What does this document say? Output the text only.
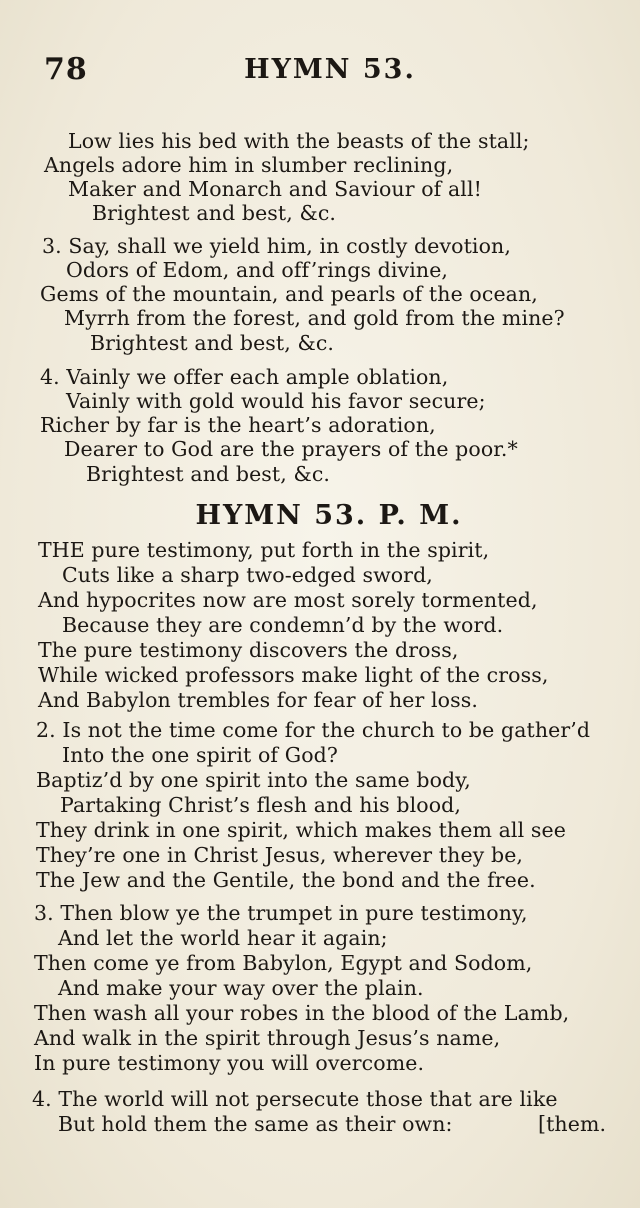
78	HYMN 53.
Low lies his bed with the beasts of the stall;
Angels adore him in slumber reclining,
Maker and Monarch and Saviour of all!
Brightest and best, &c.
3. Say, shall we yield him, in costly devotion,
Odors of Edom, and off’rings divine,
Gems of the mountain, and pearls of the ocean,
Myrrh from the forest, and gold from the mine?
Brightest and best, &c.
4. Vainly we offer each ample oblation,
Vainly with gold would his favor secure;
Richer by far is the heart’s adoration,
Dearer to God are the prayers of the poor.*
Brightest and best, &c.
HYMN 53. P. M.
THE pure testimony, put forth in the spirit,
Cuts like a sharp two-edged sword,
And hypocrites now are most sorely tormented,
Because they are condemn’d by the word.
The pure testimony discovers the dross,
While wicked professors make light of the cross,
And Babylon trembles for fear of her loss.
2. Is not the time come for the church to be gather’d
Into the one spirit of God?
Baptiz’d by one spirit into the same body,
Partaking Christ’s flesh and his blood,
They drink in one spirit, which makes them all see
They’re one in Christ Jesus, wherever they be,
The Jew and the Gentile, the bond and the free.
3. Then blow ye the trumpet in pure testimony,
And let the world hear it again;
Then come ye from Babylon, Egypt and Sodom,
And make your way over the plain.
Then wash all your robes in the blood of the Lamb,
And walk in the spirit through Jesus’s name,
In pure testimony you will overcome.
4. The world will not persecute those that are like
But hold them the same as their own:	[them.
